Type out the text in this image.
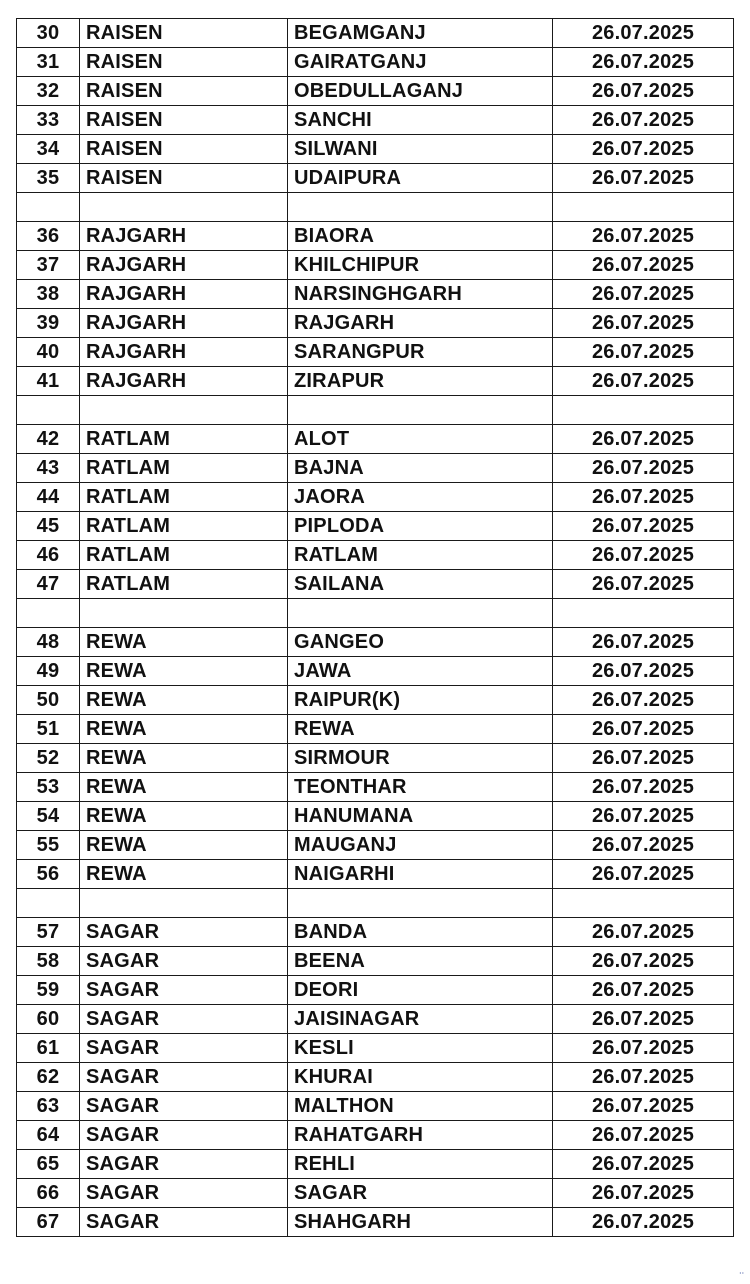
30	RAISEN	BEGAMGANJ	26.07.2025
31	RAISEN	GAIRATGANJ	26.07.2025
32	RAISEN	OBEDULLAGANJ	26.07.2025
33	RAISEN	SANCHI	26.07.2025
34	RAISEN	SILWANI	26.07.2025
35	RAISEN	UDAIPURA	26.07.2025

36	RAJGARH	BIAORA	26.07.2025
37	RAJGARH	KHILCHIPUR	26.07.2025
38	RAJGARH	NARSINGHGARH	26.07.2025
39	RAJGARH	RAJGARH	26.07.2025
40	RAJGARH	SARANGPUR	26.07.2025
41	RAJGARH	ZIRAPUR	26.07.2025

42	RATLAM	ALOT	26.07.2025
43	RATLAM	BAJNA	26.07.2025
44	RATLAM	JAORA	26.07.2025
45	RATLAM	PIPLODA	26.07.2025
46	RATLAM	RATLAM	26.07.2025
47	RATLAM	SAILANA	26.07.2025

48	REWA	GANGEO	26.07.2025
49	REWA	JAWA	26.07.2025
50	REWA	RAIPUR(K)	26.07.2025
51	REWA	REWA	26.07.2025
52	REWA	SIRMOUR	26.07.2025
53	REWA	TEONTHAR	26.07.2025
54	REWA	HANUMANA	26.07.2025
55	REWA	MAUGANJ	26.07.2025
56	REWA	NAIGARHI	26.07.2025

57	SAGAR	BANDA	26.07.2025
58	SAGAR	BEENA	26.07.2025
59	SAGAR	DEORI	26.07.2025
60	SAGAR	JAISINAGAR	26.07.2025
61	SAGAR	KESLI	26.07.2025
62	SAGAR	KHURAI	26.07.2025
63	SAGAR	MALTHON	26.07.2025
64	SAGAR	RAHATGARH	26.07.2025
65	SAGAR	REHLI	26.07.2025
66	SAGAR	SAGAR	26.07.2025
67	SAGAR	SHAHGARH	26.07.2025
ᐧᐧ
